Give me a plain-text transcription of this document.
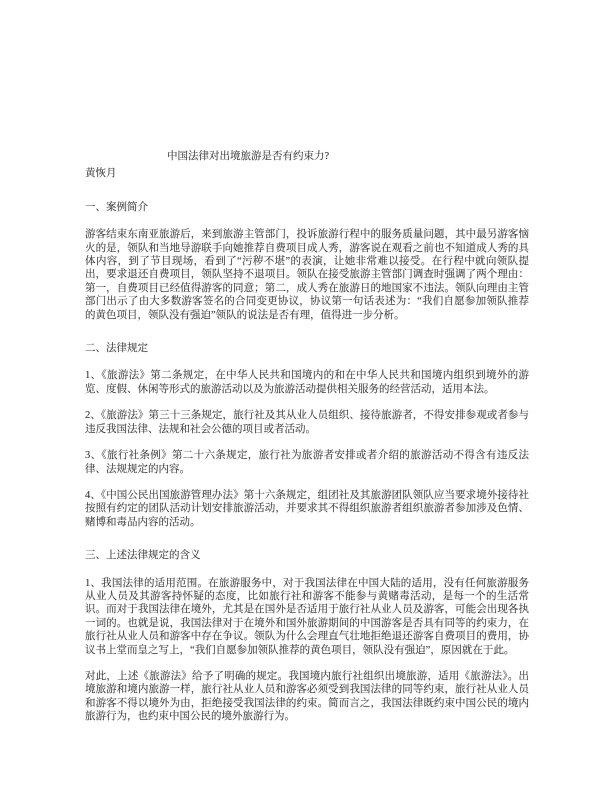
中国法律对出境旅游是否有约束力?
黄恢月
一、案例简介

游客结束东南亚旅游后，来到旅游主管部门，投诉旅游行程中的服务质量问题，其中最另游客恼火的是，领队和当地导游联手向她推荐自费项目成人秀，游客说在观看之前也不知道成人秀的具体内容，到了节目现场，看到了“污秽不堪”的表演，让她非常难以接受。在行程中就向领队提出，要求退还自费项目，领队坚持不退项目。领队在接受旅游主管部门调查时强调了两个理由：第一，自费项目已经值得游客的同意；第二，成人秀在旅游日的地国家不违法。领队向理由主管部门出示了由大多数游客签名的合同变更协议，协议第一句话表述为：“我们自愿参加领队推荐的黄色项目，领队没有强迫”领队的说法是否有理，值得进一步分析。

二、法律规定

1、《旅游法》第二条规定，在中华人民共和国境内的和在中华人民共和国境内组织到境外的游览、度假、休闲等形式的旅游活动以及为旅游活动提供相关服务的经营活动，适用本法。

2、《旅游法》第三十三条规定，旅行社及其从业人员组织、接待旅游者，不得安排参观或者参与违反我国法律、法规和社会公德的项目或者活动。

3、《旅行社条例》第二十六条规定，旅行社为旅游者安排或者介绍的旅游活动不得含有违反法律、法规规定的内容。

4、《中国公民出国旅游管理办法》第十六条规定，组团社及其旅游团队领队应当要求境外接待社按照有约定的团队活动计划安排旅游活动，并要求其不得组织旅游者组织旅游者参加涉及色情、赌博和毒品内容的活动。

三、上述法律规定的含义

1、我国法律的适用范围。在旅游服务中，对于我国法律在中国大陆的适用，没有任何旅游服务从业人员及其游客持怀疑的态度，比如旅行社和游客不能参与黄赌毒活动，是每一个的生活常识。而对于我国法律在境外，尤其是在国外是否适用于旅行社从业人员及游客，可能会出现各执一词的。也就是说，我国法律对于在境外和国外旅游期间的中国游客是否具有同等的约束力，在旅行社从业人员和游客中存在争议。领队为什么会理直气壮地拒绝退还游客自费项目的费用，协议书上堂而皇之写上，“我们自愿参加领队推荐的黄色项目，领队没有强迫”，原因就在于此。

对此，上述《旅游法》给予了明确的规定。我国境内旅行社组织出境旅游，适用《旅游法》。出境旅游和境内旅游一样，旅行社从业人员和游客必须受到我国法律的同等约束，旅行社从业人员和游客不得以境外为由，拒绝接受我国法律的约束。简而言之，我国法律既约束中国公民的境内旅游行为，也约束中国公民的境外旅游行为。
